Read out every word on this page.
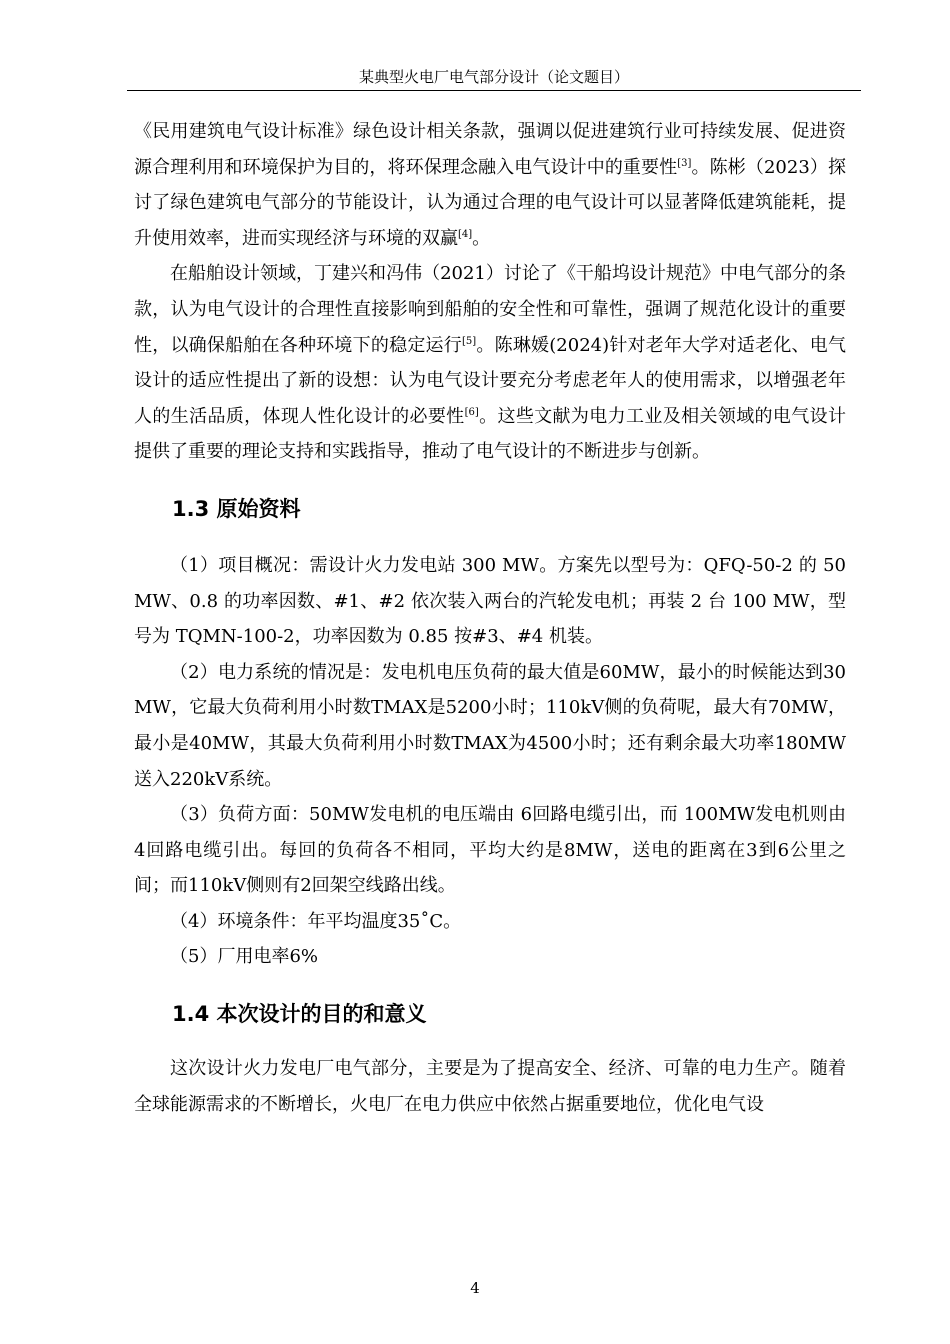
某典型火电厂电气部分设计（论文题目）

《民用建筑电气设计标准》绿色设计相关条款，强调以促进建筑行业可持续发展、促进资源合理利用和环境保护为目的，将环保理念融入电气设计中的重要性[3]。陈彬（2023）探讨了绿色建筑电气部分的节能设计，认为通过合理的电气设计可以显著降低建筑能耗，提升使用效率，进而实现经济与环境的双赢[4]。

在船舶设计领域，丁建兴和冯伟（2021）讨论了《干船坞设计规范》中电气部分的条款，认为电气设计的合理性直接影响到船舶的安全性和可靠性，强调了规范化设计的重要性，以确保船舶在各种环境下的稳定运行[5]。陈琳媛(2024)针对老年大学对适老化、电气设计的适应性提出了新的设想：认为电气设计要充分考虑老年人的使用需求，以增强老年人的生活品质，体现人性化设计的必要性[6]。这些文献为电力工业及相关领域的电气设计提供了重要的理论支持和实践指导，推动了电气设计的不断进步与创新。

1.3 原始资料

（1）项目概况：需设计火力发电站 300 MW。方案先以型号为：QFQ-50-2 的 50 MW、0.8 的功率因数、#1、#2 依次装入两台的汽轮发电机；再装 2 台 100 MW，型号为 TQMN-100-2，功率因数为 0.85 按#3、#4 机装。

（2）电力系统的情况是：发电机电压负荷的最大值是60MW，最小的时候能达到30MW，它最大负荷利用小时数TMAX是5200小时；110kV侧的负荷呢，最大有70MW，最小是40MW，其最大负荷利用小时数TMAX为4500小时；还有剩余最大功率180MW送入220kV系统。

（3）负荷方面：50MW发电机的电压端由 6回路电缆引出，而 100MW发电机则由 4回路电缆引出。每回的负荷各不相同，平均大约是8MW，送电的距离在3到6公里之间；而110kV侧则有2回架空线路出线。

（4）环境条件：年平均温度35˚C。

（5）厂用电率6%

1.4 本次设计的目的和意义

这次设计火力发电厂电气部分，主要是为了提高安全、经济、可靠的电力生产。随着全球能源需求的不断增长，火电厂在电力供应中依然占据重要地位，优化电气设

4
